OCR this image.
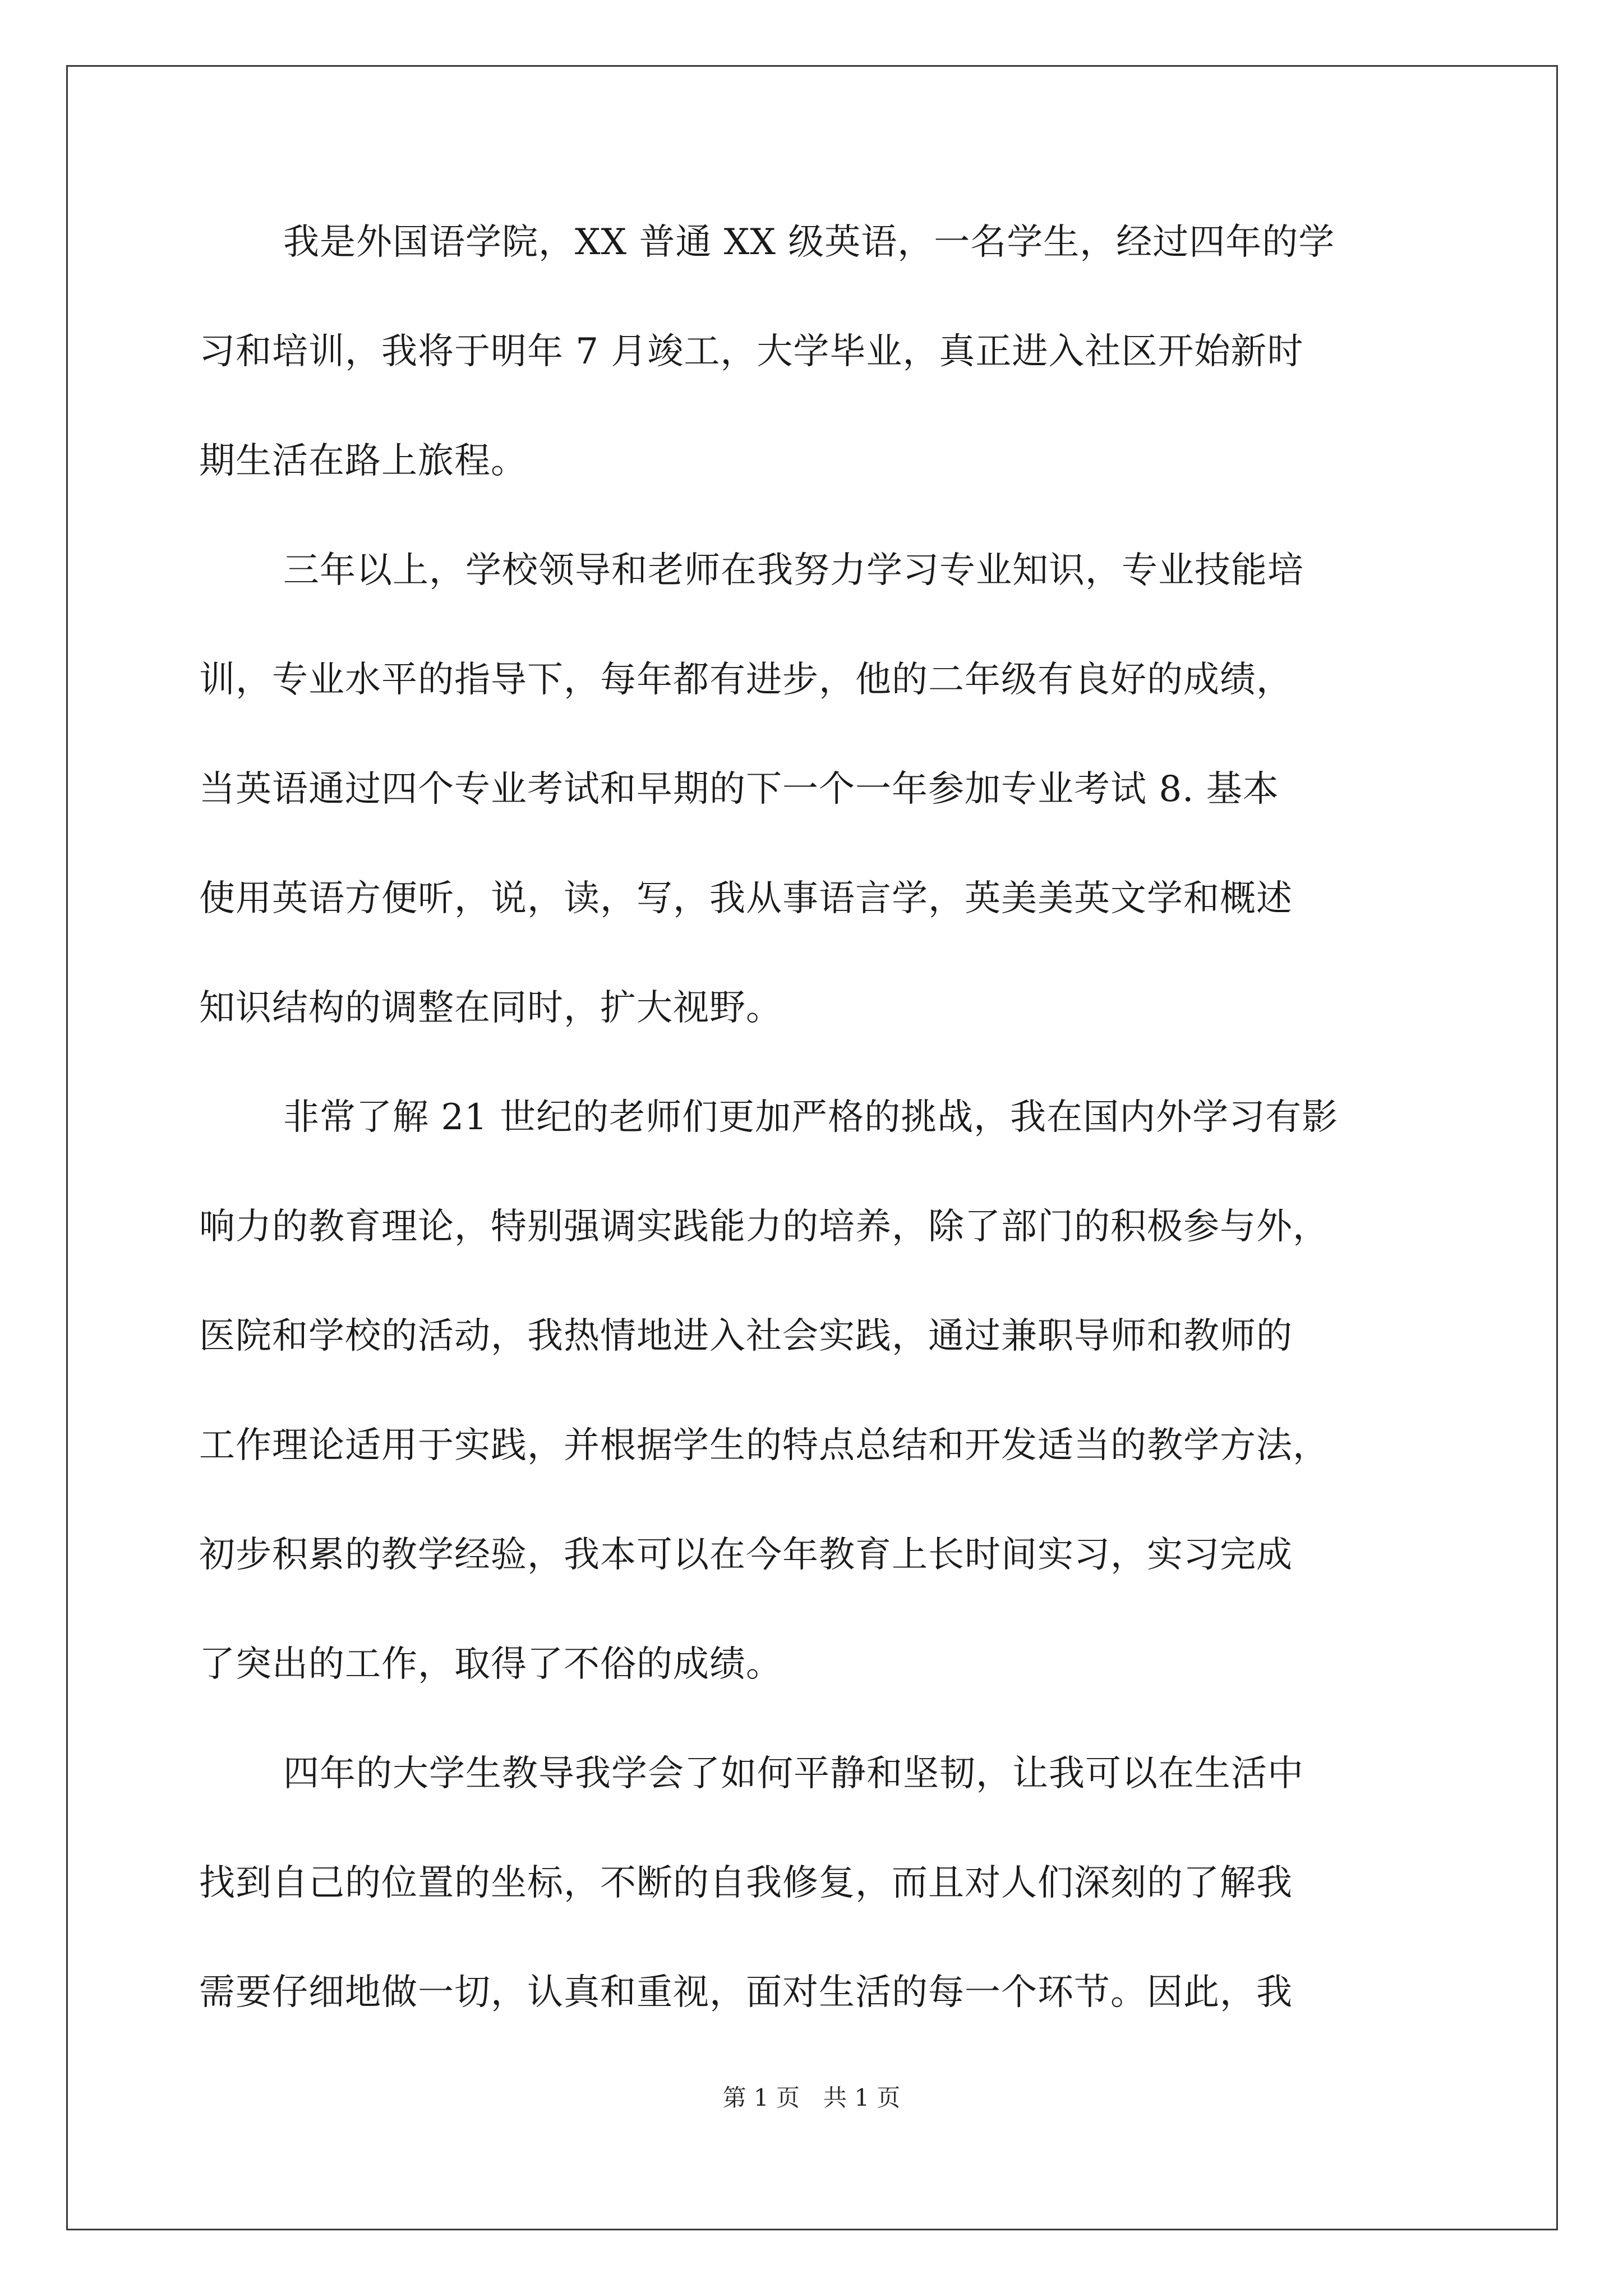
我是外国语学院，XX 普通 XX 级英语，一名学生，经过四年的学
习和培训，我将于明年 7 月竣工，大学毕业，真正进入社区开始新时
期生活在路上旅程。
三年以上，学校领导和老师在我努力学习专业知识，专业技能培
训，专业水平的指导下，每年都有进步，他的二年级有良好的成绩，
当英语通过四个专业考试和早期的下一个一年参加专业考试 8. 基本
使用英语方便听，说，读，写，我从事语言学，英美美英文学和概述
知识结构的调整在同时，扩大视野。
非常了解 21 世纪的老师们更加严格的挑战，我在国内外学习有影
响力的教育理论，特别强调实践能力的培养，除了部门的积极参与外，
医院和学校的活动，我热情地进入社会实践，通过兼职导师和教师的
工作理论适用于实践，并根据学生的特点总结和开发适当的教学方法，
初步积累的教学经验，我本可以在今年教育上长时间实习，实习完成
了突出的工作，取得了不俗的成绩。
四年的大学生教导我学会了如何平静和坚韧，让我可以在生活中
找到自己的位置的坐标，不断的自我修复，而且对人们深刻的了解我
需要仔细地做一切，认真和重视，面对生活的每一个环节。因此，我
第 1 页　共 1 页
